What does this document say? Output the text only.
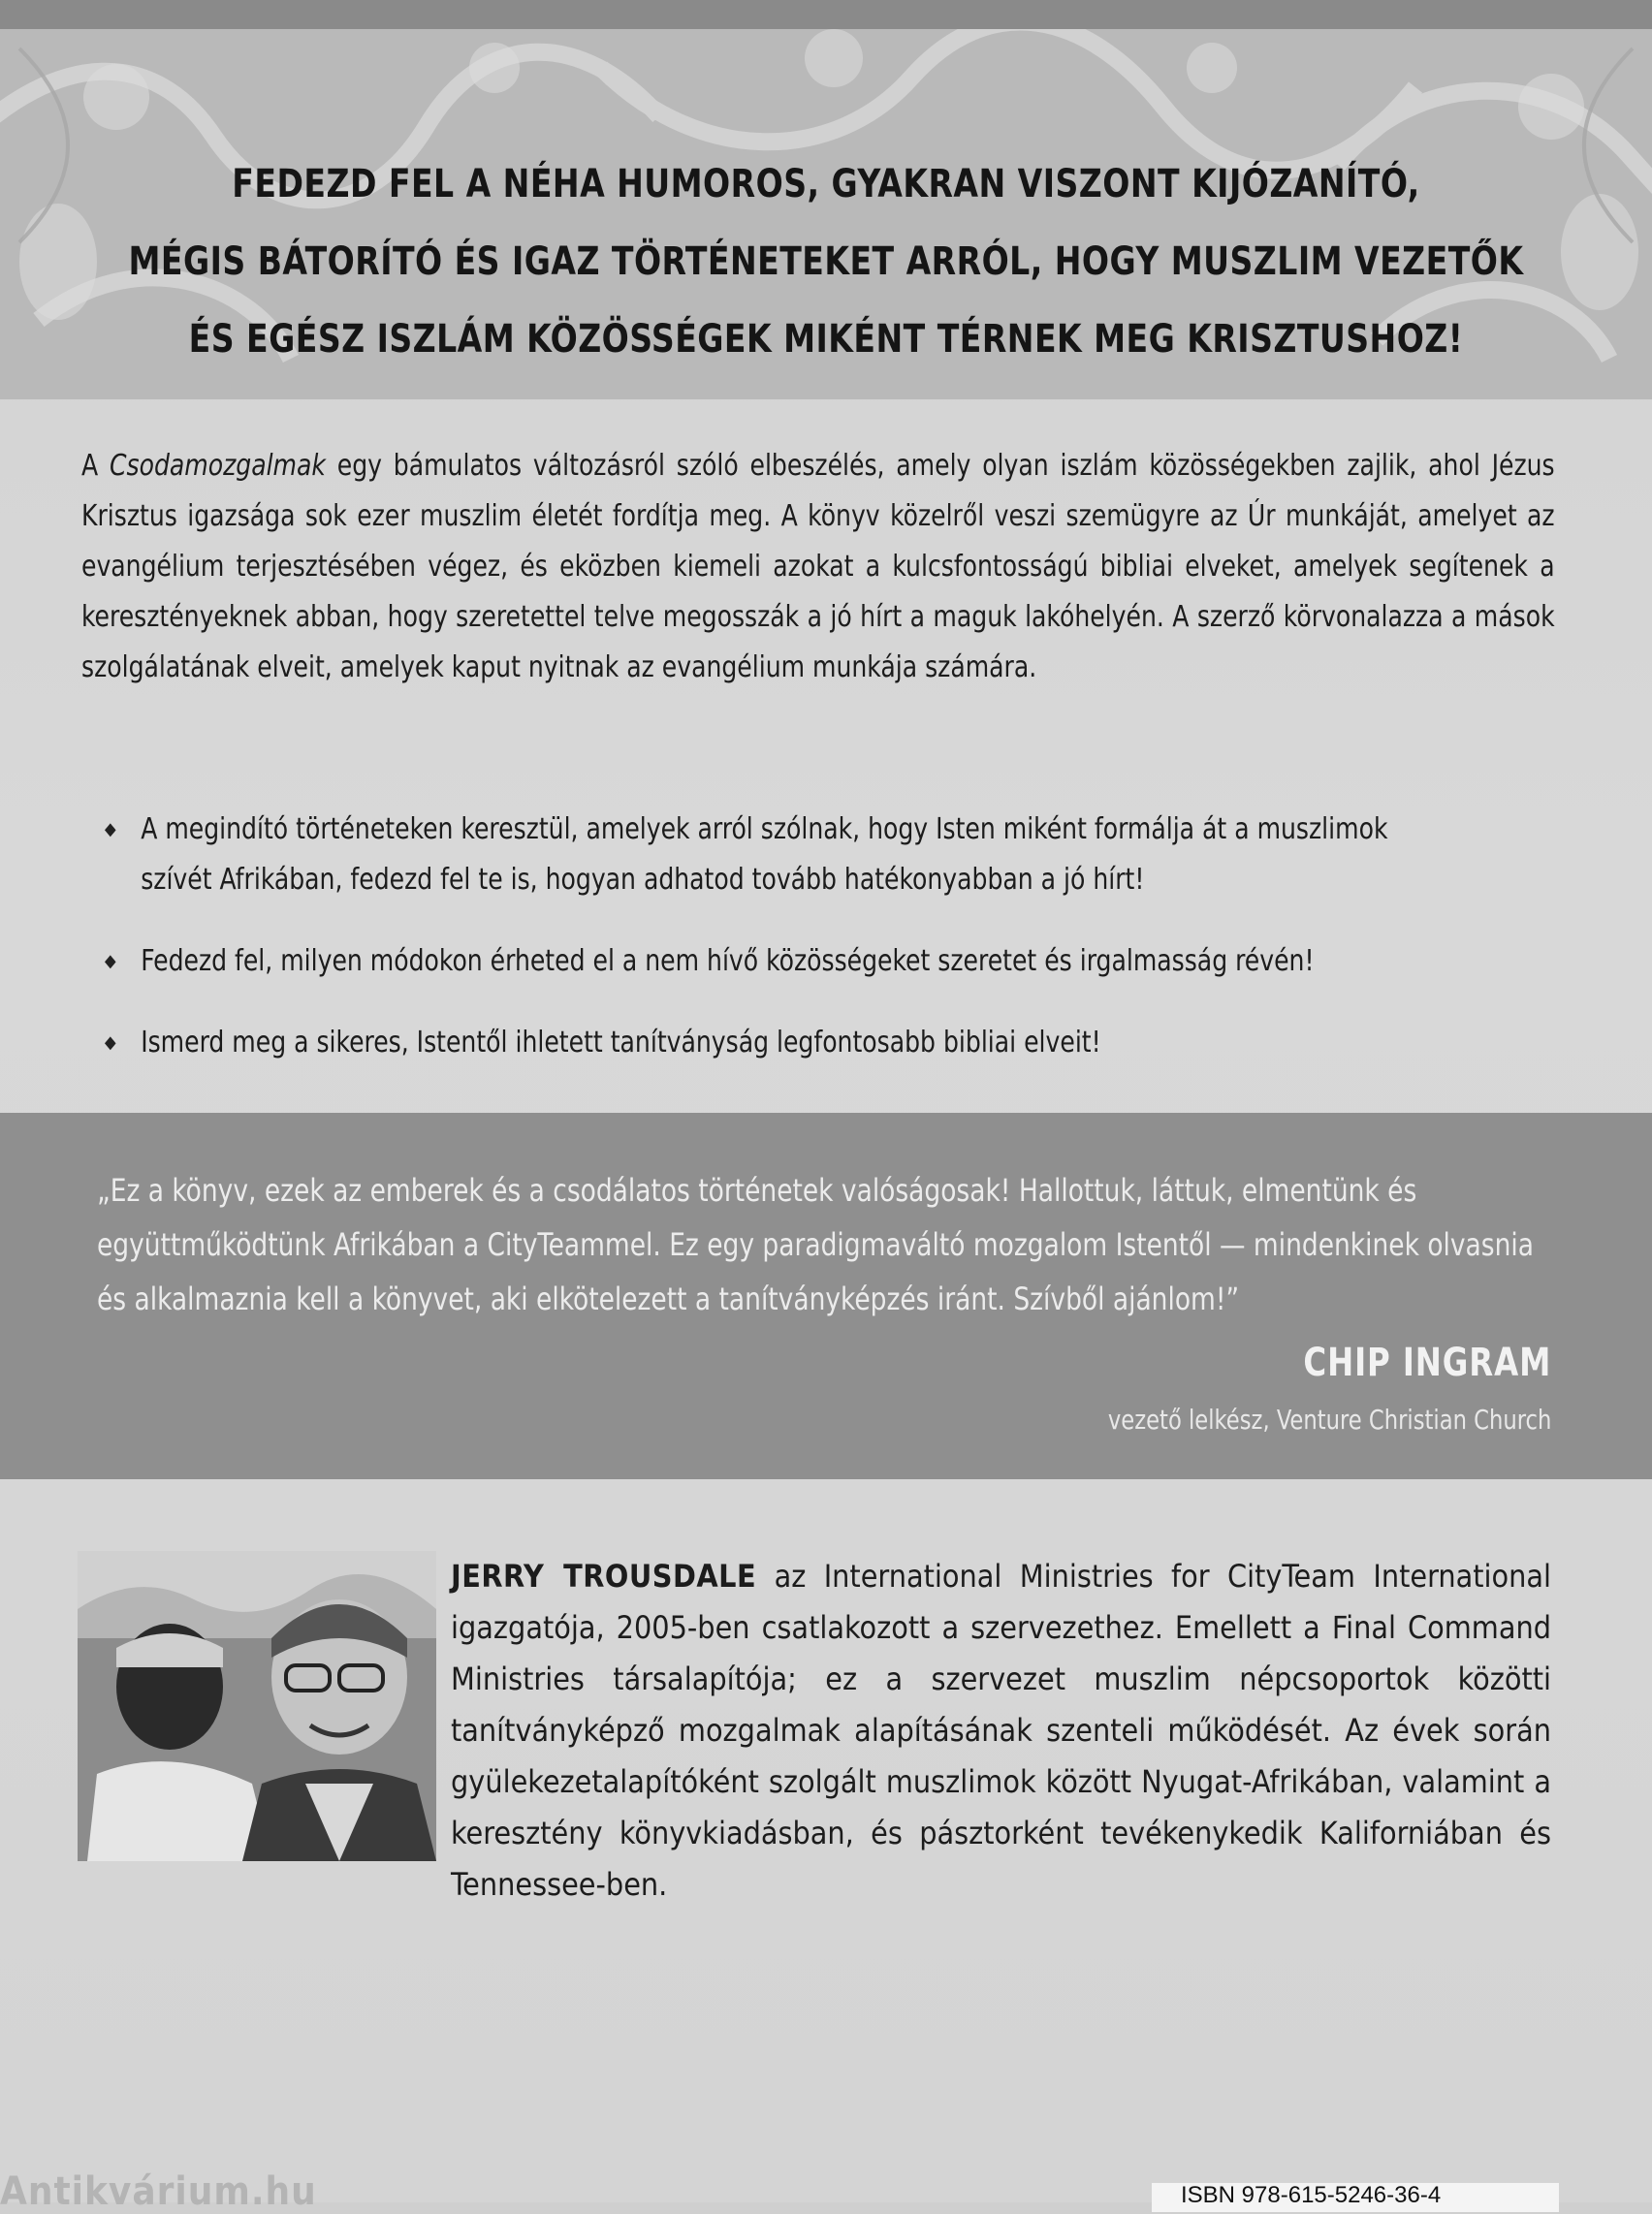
FEDEZD FEL A NÉHA HUMOROS, GYAKRAN VISZONT KIJÓZANÍTÓ,
MÉGIS BÁTORÍTÓ ÉS IGAZ TÖRTÉNETEKET ARRÓL, HOGY MUSZLIM VEZETŐK
ÉS EGÉSZ ISZLÁM KÖZÖSSÉGEK MIKÉNT TÉRNEK MEG KRISZTUSHOZ!

A Csodamozgalmak egy bámulatos változásról szóló elbeszélés, amely olyan iszlám közösségekben zajlik, ahol Jézus Krisztus igazsága sok ezer muszlim életét fordítja meg. A könyv közelről veszi szemügyre az Úr munkáját, amelyet az evangélium terjesztésében végez, és eközben kiemeli azokat a kulcsfontosságú bibliai elveket, amelyek segítenek a keresztényeknek abban, hogy szeretettel telve megosszák a jó hírt a maguk lakóhelyén. A szerző körvonalazza a mások szolgálatának elveit, amelyek kaput nyitnak az evangélium munkája számára.

◆ A megindító történeteken keresztül, amelyek arról szólnak, hogy Isten miként formálja át a muszlimok szívét Afrikában, fedezd fel te is, hogyan adhatod tovább hatékonyabban a jó hírt!
◆ Fedezd fel, milyen módokon érheted el a nem hívő közösségeket szeretet és irgalmasság révén!
◆ Ismerd meg a sikeres, Istentől ihletett tanítványság legfontosabb bibliai elveit!

„Ez a könyv, ezek az emberek és a csodálatos történetek valóságosak! Hallottuk, láttuk, elmentünk és együttműködtünk Afrikában a CityTeammel. Ez egy paradigmaváltó mozgalom Istentől — mindenkinek olvasnia és alkalmaznia kell a könyvet, aki elkötelezett a tanítványképzés iránt. Szívből ajánlom!”

CHIP INGRAM
vezető lelkész, Venture Christian Church

JERRY TROUSDALE az International Ministries for CityTeam International igazgatója, 2005-ben csatlakozott a szervezethez. Emellett a Final Command Ministries társalapítója; ez a szervezet muszlim népcsoportok közötti tanítványképző mozgalmak alapításának szenteli működését. Az évek során gyülekezetalapítóként szolgált muszlimok között Nyugat-Afrikában, valamint a keresztény könyvkiadásban, és pásztorként tevékenykedik Kaliforniában és Tennessee-ben.

Antikvárium.hu	ISBN 978-615-5246-36-4
